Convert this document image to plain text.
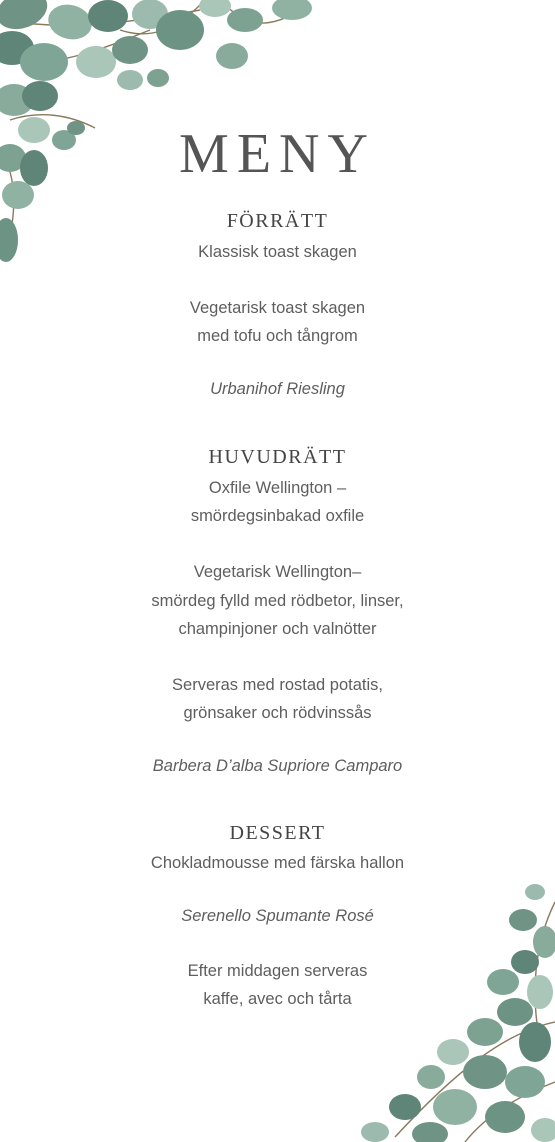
MENY
FÖRRÄTT
Klassisk toast skagen
Vegetarisk toast skagen
med tofu och tångrom
Urbanihof Riesling
HUVUDRÄTT
Oxfile Wellington –
smördegsinbakad oxfile
Vegetarisk Wellington–
smördeg fylld med rödbetor, linser,
champinjoner och valnötter
Serveras med rostad potatis,
grönsaker och rödvinssås
Barbera D’alba Supriore Camparo
DESSERT
Chokladmousse med färska hallon
Serenello Spumante Rosé
Efter middagen serveras
kaffe, avec och tårta
